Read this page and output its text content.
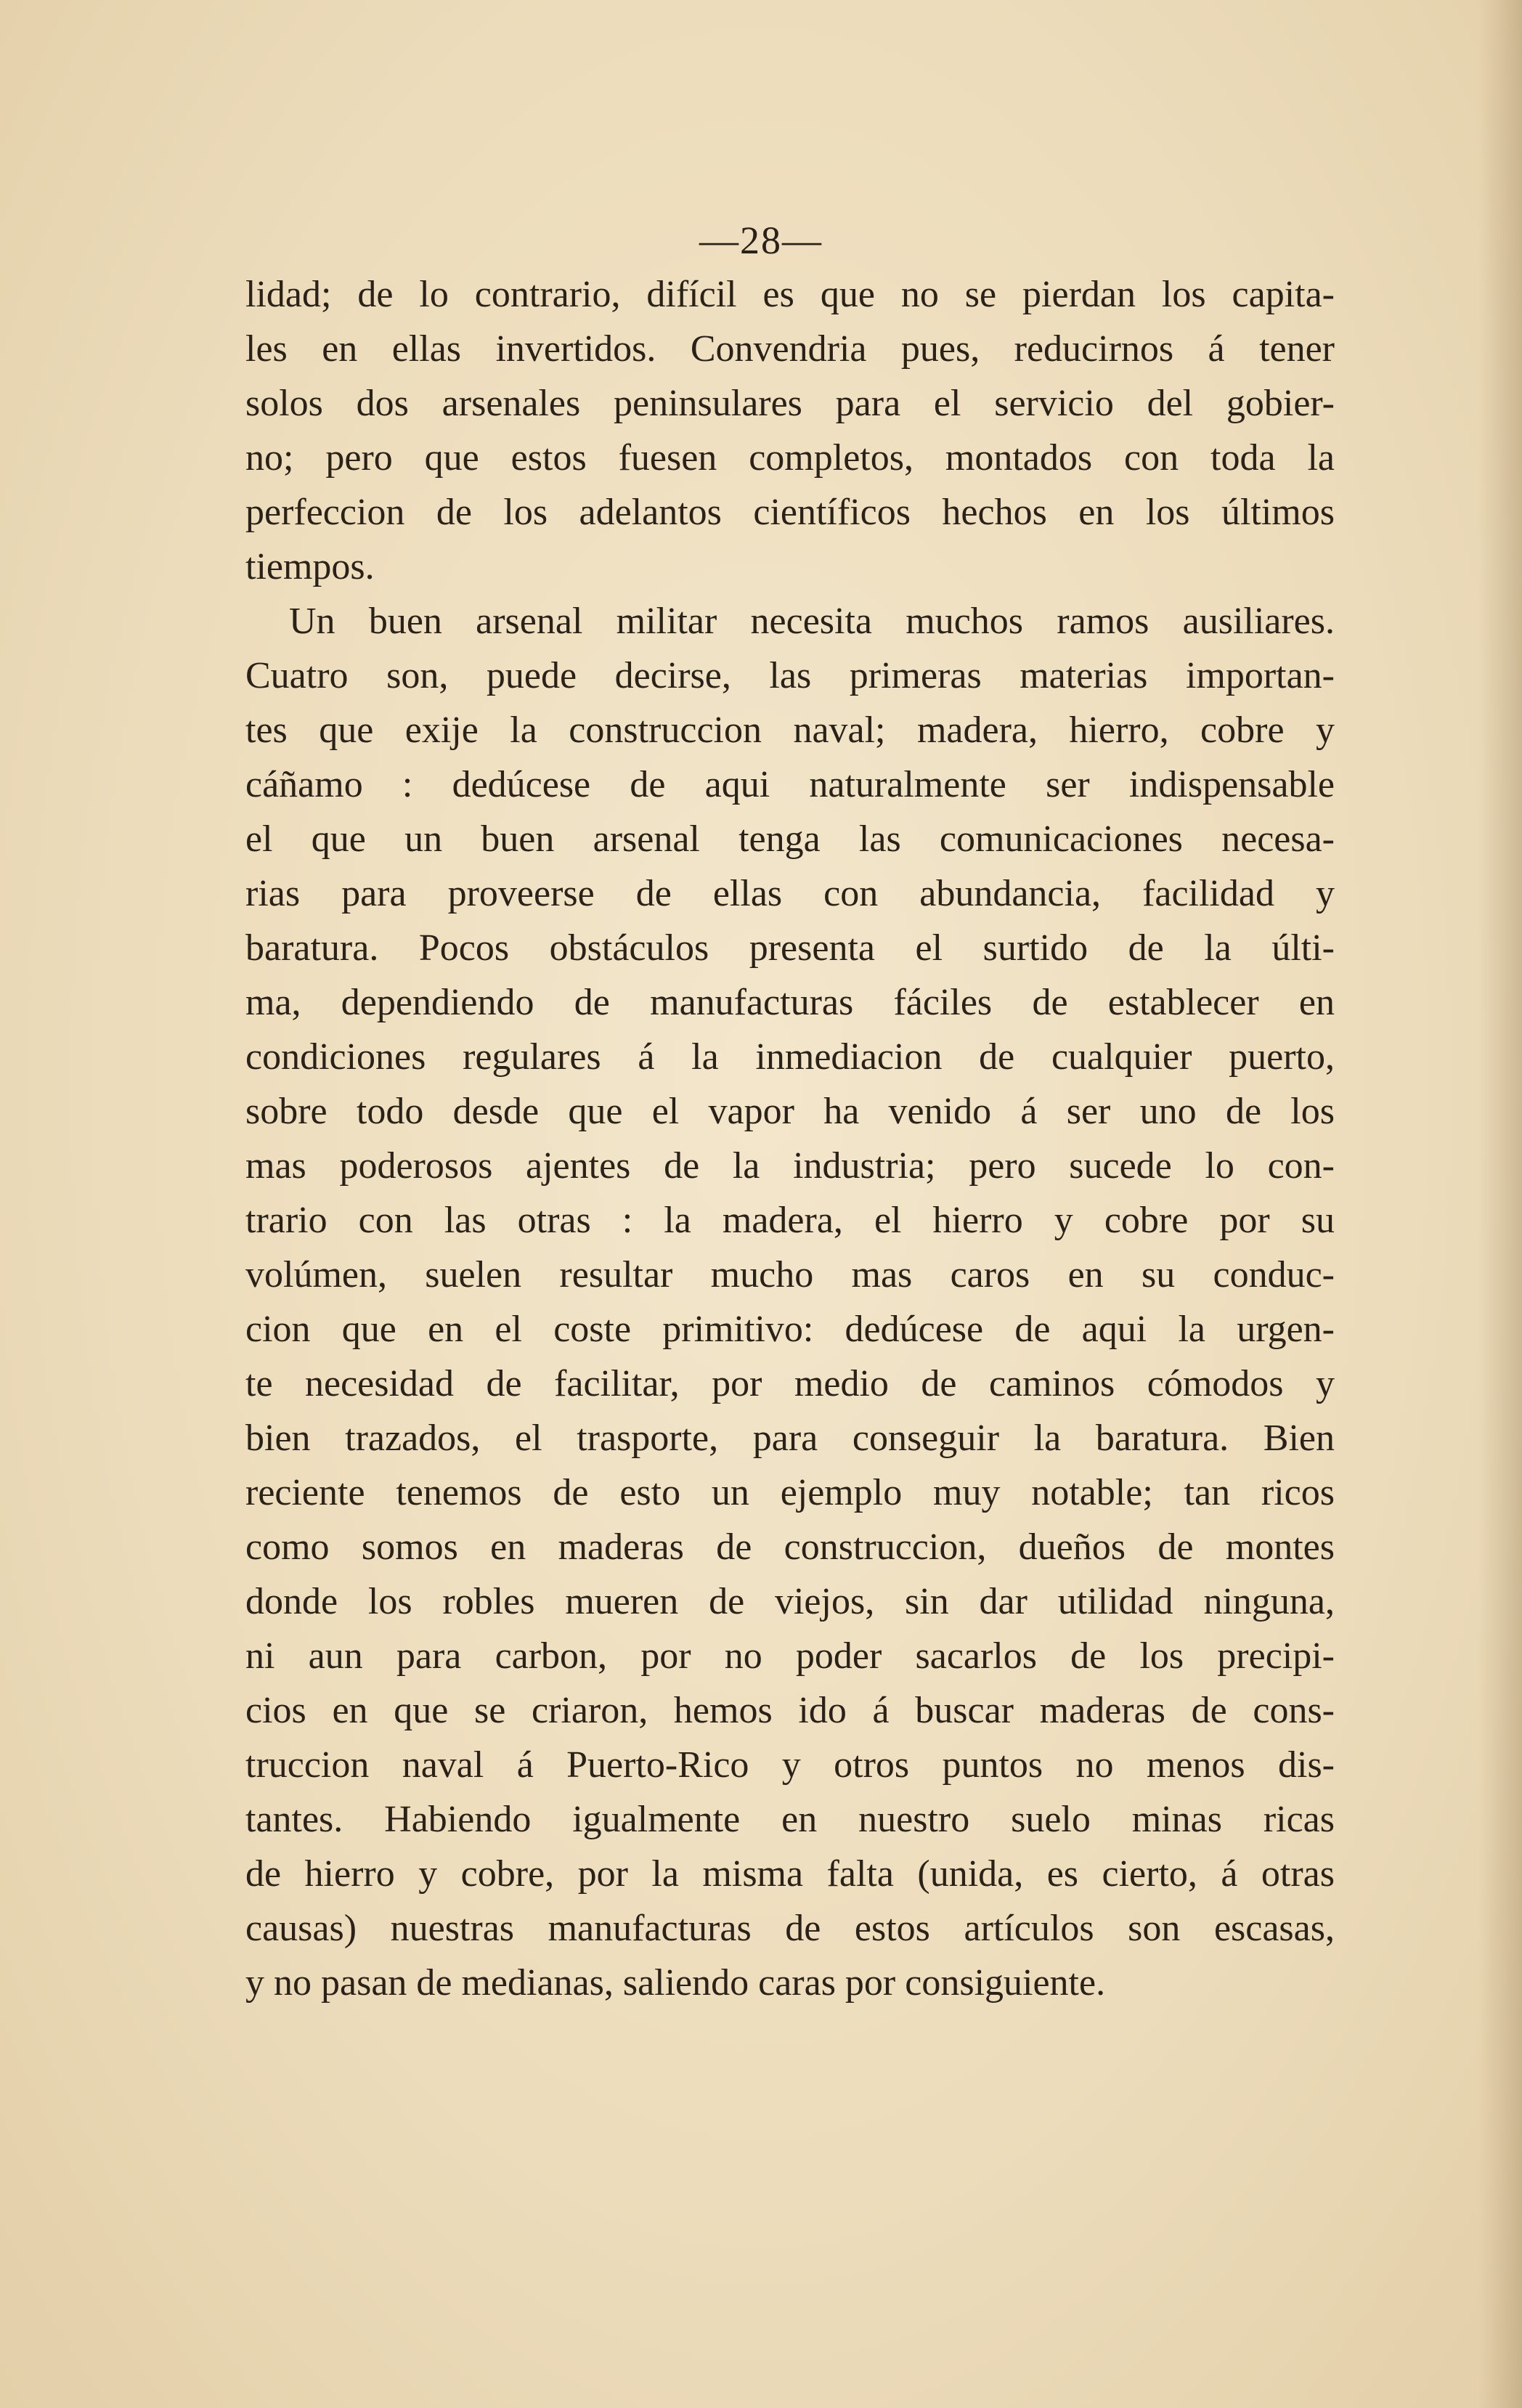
—28—
lidad; de lo contrario, difícil es que no se pierdan los capita-
les en ellas invertidos. Convendria pues, reducirnos á tener
solos dos arsenales peninsulares para el servicio del gobier-
no; pero que estos fuesen completos, montados con toda la
perfeccion de los adelantos científicos hechos en los últimos
tiempos.
Un buen arsenal militar necesita muchos ramos ausiliares.
Cuatro son, puede decirse, las primeras materias importan-
tes que exije la construccion naval; madera, hierro, cobre y
cáñamo : dedúcese de aqui naturalmente ser indispensable
el que un buen arsenal tenga las comunicaciones necesa-
rias para proveerse de ellas con abundancia, facilidad y
baratura. Pocos obstáculos presenta el surtido de la últi-
ma, dependiendo de manufacturas fáciles de establecer en
condiciones regulares á la inmediacion de cualquier puerto,
sobre todo desde que el vapor ha venido á ser uno de los
mas poderosos ajentes de la industria; pero sucede lo con-
trario con las otras : la madera, el hierro y cobre por su
volúmen, suelen resultar mucho mas caros en su conduc-
cion que en el coste primitivo: dedúcese de aqui la urgen-
te necesidad de facilitar, por medio de caminos cómodos y
bien trazados, el trasporte, para conseguir la baratura. Bien
reciente tenemos de esto un ejemplo muy notable; tan ricos
como somos en maderas de construccion, dueños de montes
donde los robles mueren de viejos, sin dar utilidad ninguna,
ni aun para carbon, por no poder sacarlos de los precipi-
cios en que se criaron, hemos ido á buscar maderas de cons-
truccion naval á Puerto-Rico y otros puntos no menos dis-
tantes. Habiendo igualmente en nuestro suelo minas ricas
de hierro y cobre, por la misma falta (unida, es cierto, á otras
causas) nuestras manufacturas de estos artículos son escasas,
y no pasan de medianas, saliendo caras por consiguiente.
